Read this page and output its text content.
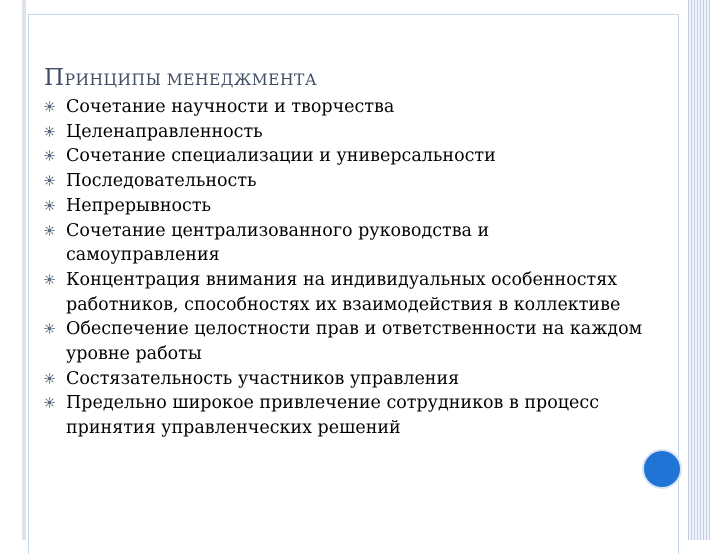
ПРИНЦИПЫ МЕНЕДЖМЕНТА
Сочетание научности и творчества
Целенаправленность
Сочетание специализации и универсальности
Последовательность
Непрерывность
Сочетание централизованного руководства и самоуправления
Концентрация внимания на индивидуальных особенностях работников, способностях их взаимодействия в коллективе
Обеспечение целостности прав и ответственности на каждом уровне работы
Состязательность участников управления
Предельно широкое привлечение сотрудников в процесс принятия управленческих решений
